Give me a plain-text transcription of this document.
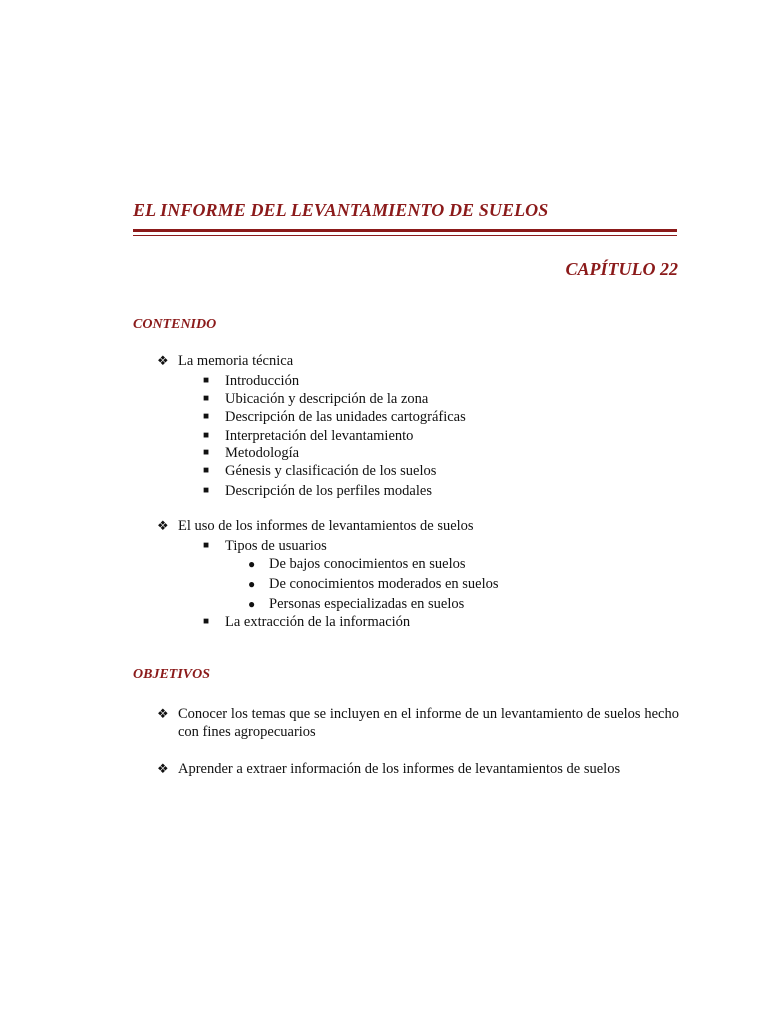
EL INFORME DEL LEVANTAMIENTO DE SUELOS
CAPÍTULO 22
CONTENIDO
❖ La memoria técnica
■ Introducción
■ Ubicación y descripción de la zona
■ Descripción de las unidades cartográficas
■ Interpretación del levantamiento
■ Metodología
■ Génesis y clasificación de los suelos
■ Descripción de los perfiles modales
❖ El uso de los informes de levantamientos de suelos
■ Tipos de usuarios
● De bajos conocimientos en suelos
● De conocimientos moderados en suelos
● Personas especializadas en suelos
■ La extracción de la información
OBJETIVOS
❖ Conocer los temas que se incluyen en el informe de un levantamiento de suelos hecho con fines agropecuarios
❖ Aprender a extraer información de los informes de levantamientos de suelos
